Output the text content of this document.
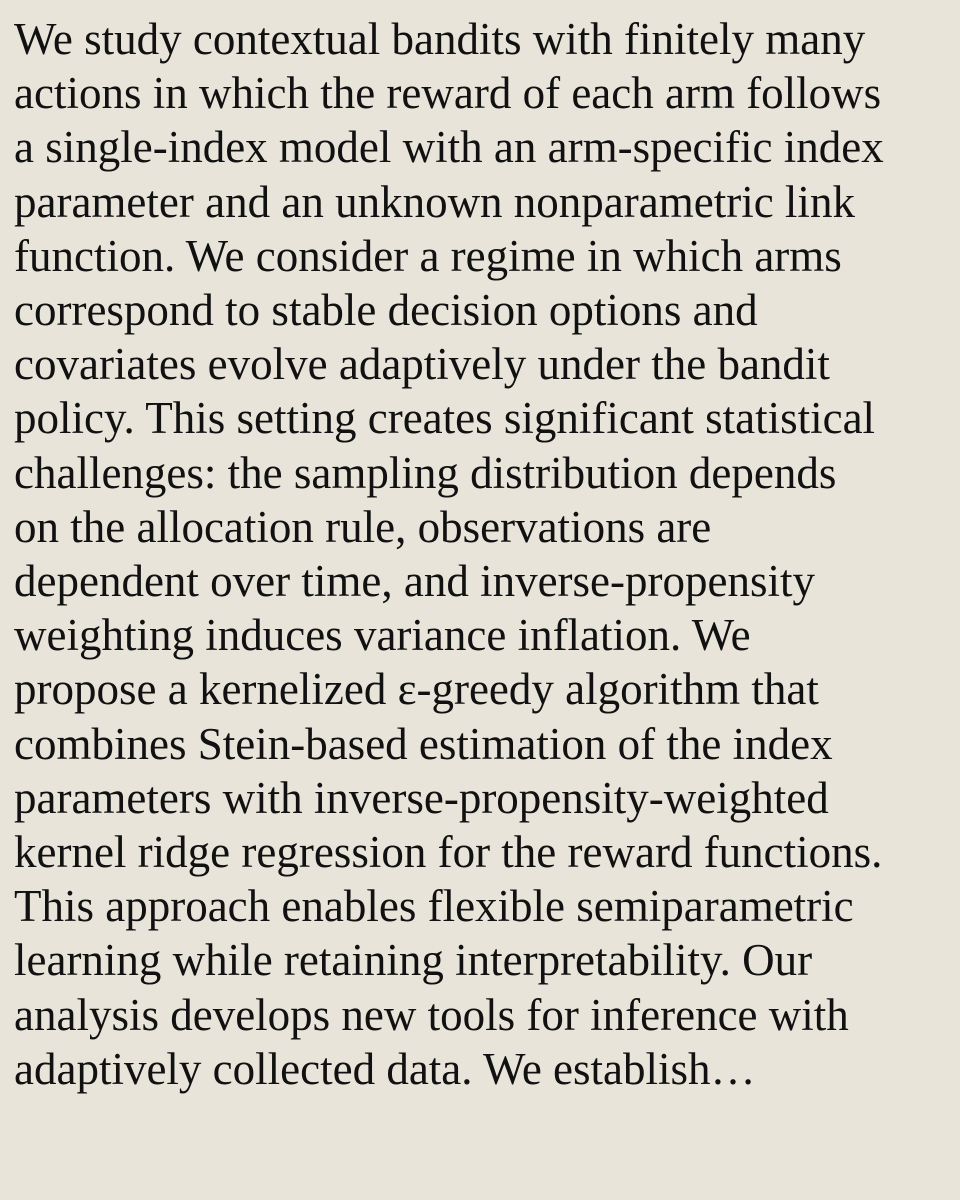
We study contextual bandits with finitely many
actions in which the reward of each arm follows
a single-index model with an arm-specific index
parameter and an unknown nonparametric link
function. We consider a regime in which arms
correspond to stable decision options and
covariates evolve adaptively under the bandit
policy. This setting creates significant statistical
challenges: the sampling distribution depends
on the allocation rule, observations are
dependent over time, and inverse-propensity
weighting induces variance inflation. We
propose a kernelized ε-greedy algorithm that
combines Stein-based estimation of the index
parameters with inverse-propensity-weighted
kernel ridge regression for the reward functions.
This approach enables flexible semiparametric
learning while retaining interpretability. Our
analysis develops new tools for inference with
adaptively collected data. We establish…
